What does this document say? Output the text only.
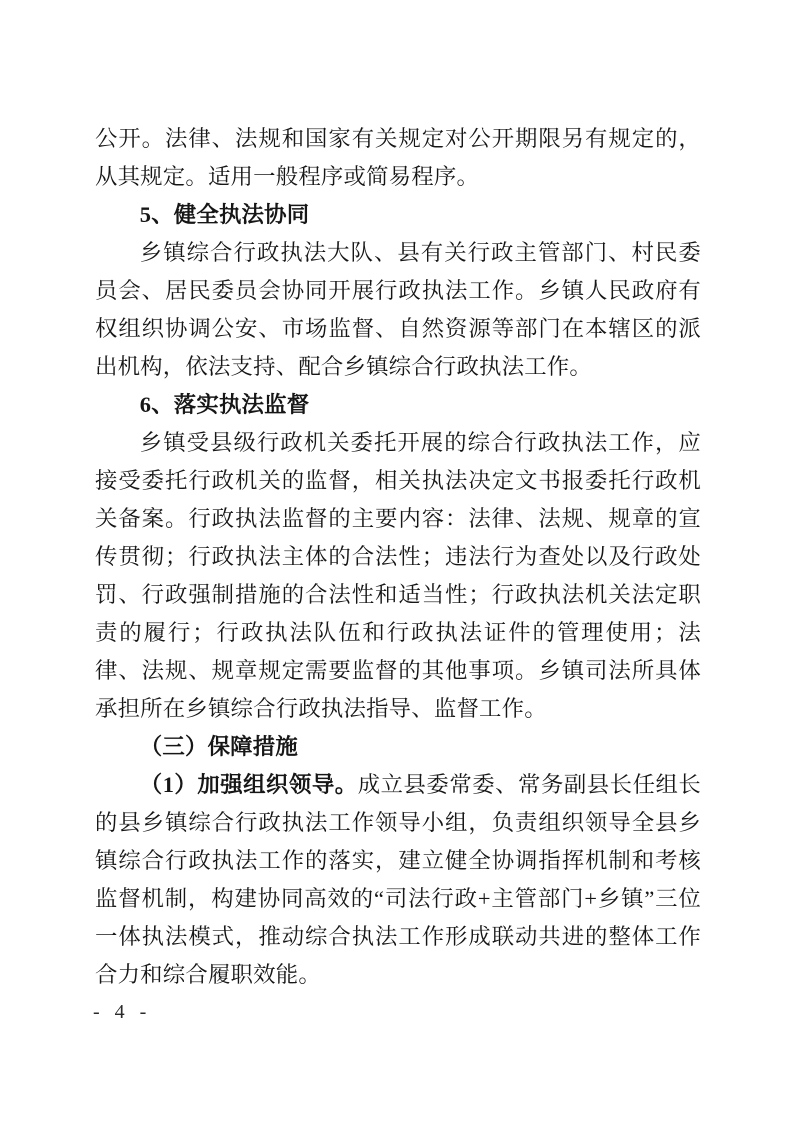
公开。法律、法规和国家有关规定对公开期限另有规定的，从其规定。适用一般程序或简易程序。

5、健全执法协同

乡镇综合行政执法大队、县有关行政主管部门、村民委员会、居民委员会协同开展行政执法工作。乡镇人民政府有权组织协调公安、市场监督、自然资源等部门在本辖区的派出机构，依法支持、配合乡镇综合行政执法工作。

6、落实执法监督

乡镇受县级行政机关委托开展的综合行政执法工作，应接受委托行政机关的监督，相关执法决定文书报委托行政机关备案。行政执法监督的主要内容：法律、法规、规章的宣传贯彻；行政执法主体的合法性；违法行为查处以及行政处罚、行政强制措施的合法性和适当性；行政执法机关法定职责的履行；行政执法队伍和行政执法证件的管理使用；法律、法规、规章规定需要监督的其他事项。乡镇司法所具体承担所在乡镇综合行政执法指导、监督工作。

（三）保障措施

（1）加强组织领导。成立县委常委、常务副县长任组长的县乡镇综合行政执法工作领导小组，负责组织领导全县乡镇综合行政执法工作的落实，建立健全协调指挥机制和考核监督机制，构建协同高效的“司法行政+主管部门+乡镇”三位一体执法模式，推动综合执法工作形成联动共进的整体工作合力和综合履职效能。

- 4 -
